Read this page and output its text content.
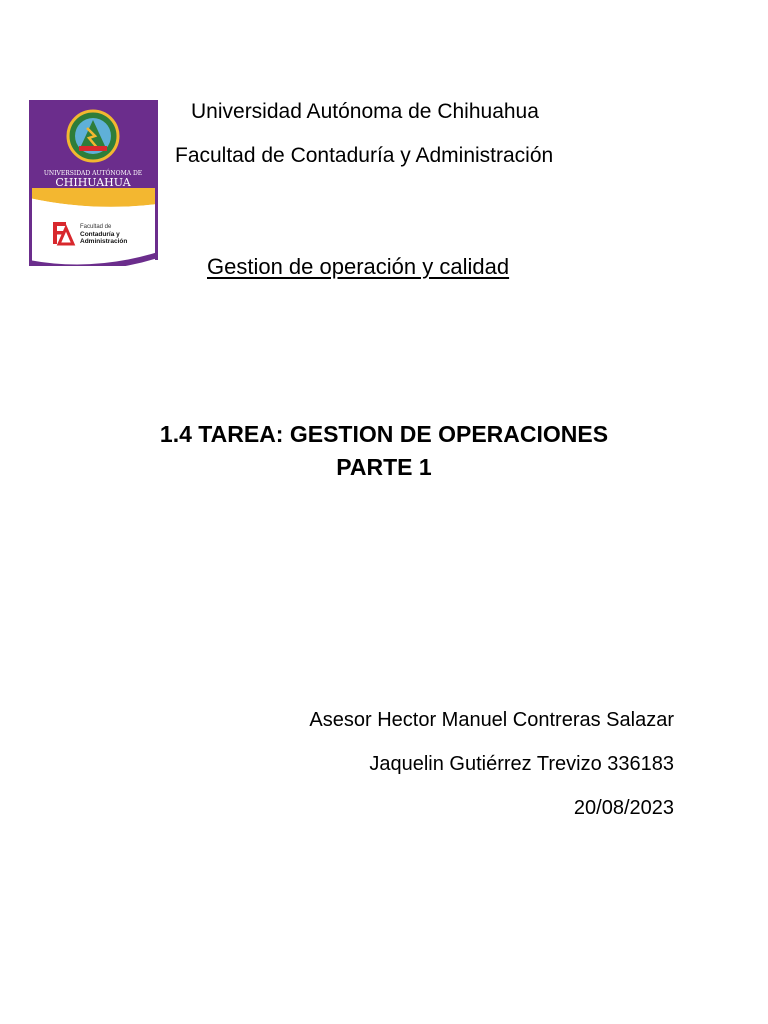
UNIVERSIDAD AUTÓNOMA DE
CHIHUAHUA
Facultad de
Contaduría y
Administración
Universidad Autónoma de Chihuahua
Facultad de Contaduría y Administración
Gestion de operación y calidad
1.4 TAREA: GESTION DE OPERACIONES
PARTE 1
Asesor Hector Manuel Contreras Salazar
Jaquelin Gutiérrez Trevizo 336183
20/08/2023
